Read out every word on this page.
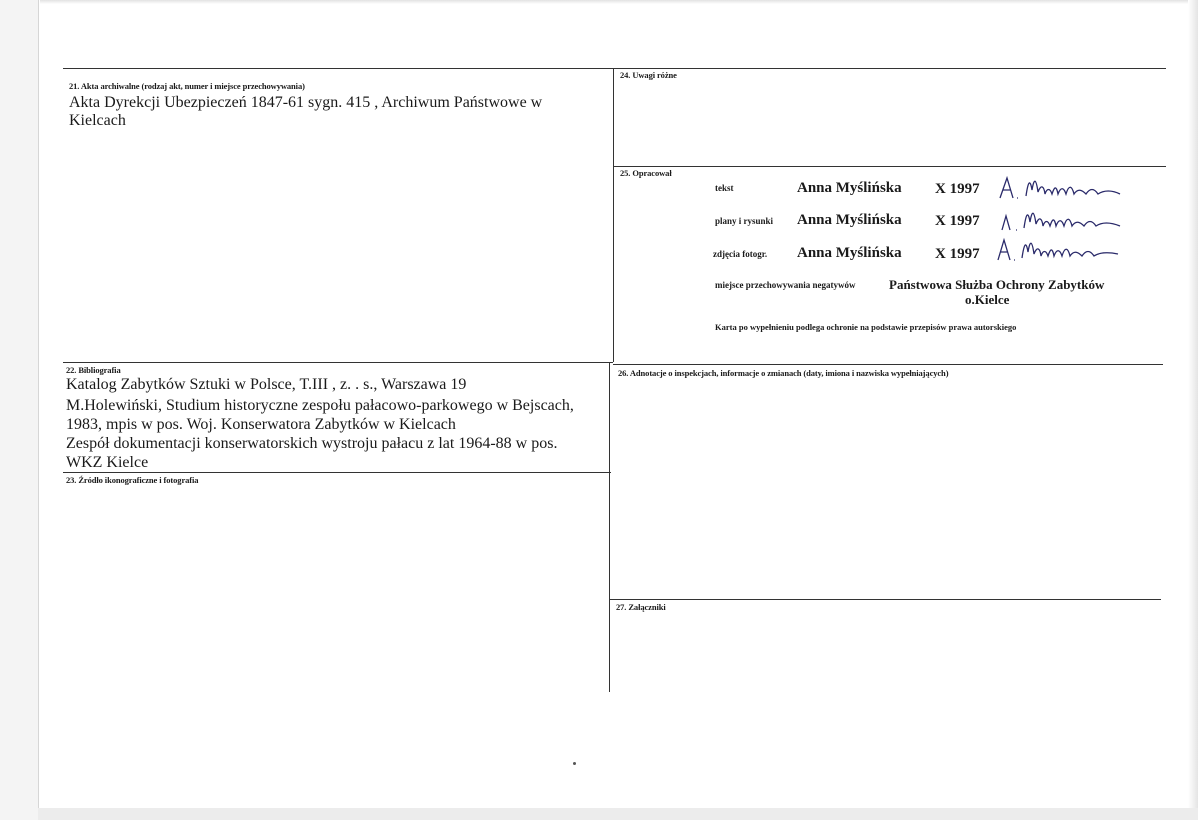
21. Akta archiwalne (rodzaj akt, numer i miejsce przechowywania)
Akta Dyrekcji Ubezpieczeń 1847-61 sygn. 415 , Archiwum Państwowe w
Kielcach
22. Bibliografia
Katalog Zabytków Sztuki w Polsce, T.III , z. . s., Warszawa 19
M.Holewiński, Studium historyczne zespołu pałacowo-parkowego w Bejscach,
1983, mpis w pos. Woj. Konserwatora Zabytków w Kielcach
Zespół dokumentacji konserwatorskich wystroju pałacu z lat 1964-88 w pos.
WKZ Kielce
23. Źródło ikonograficzne i fotografia
24. Uwagi różne
25. Opracował
tekst	Anna Myślińska X 1997
plany i rysunki Anna Myślińska X 1997
zdjęcia fotogr. Anna Myślińska X 1997
miejsce przechowywania negatywów	Państwowa Służba Ochrony Zabytków
o.Kielce
Karta po wypełnieniu podlega ochronie na podstawie przepisów prawa autorskiego
26. Adnotacje o inspekcjach, informacje o zmianach (daty, imiona i nazwiska wypełniających)
27. Załączniki
